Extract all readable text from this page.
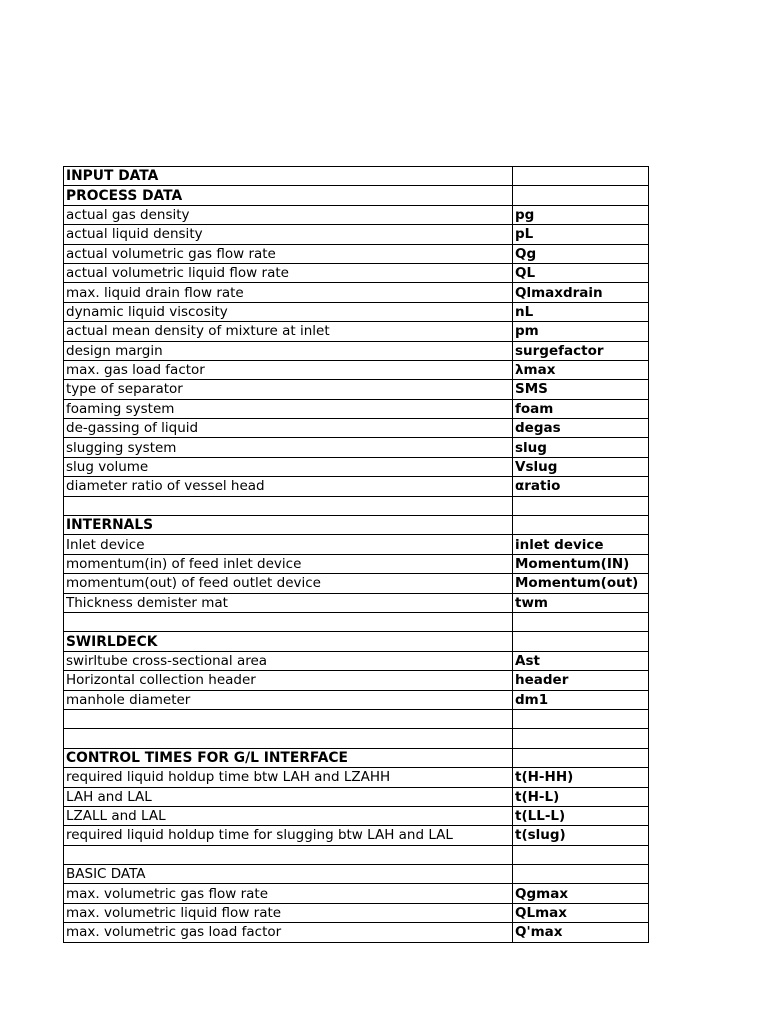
INPUT DATA	
PROCESS DATA	
actual gas density	pg
actual liquid density	pL
actual volumetric gas flow rate	Qg
actual volumetric liquid flow rate	QL
max. liquid drain flow rate	Qlmaxdrain
dynamic liquid viscosity	nL
actual mean density of mixture at inlet	pm
design margin	surgefactor
max. gas load factor	λmax
type of separator	SMS
foaming system	foam
de-gassing of liquid	degas
slugging system	slug
slug volume	Vslug
diameter ratio of vessel head	αratio

INTERNALS	
Inlet device	inlet device
momentum(in) of feed inlet device	Momentum(IN)
momentum(out) of feed outlet device	Momentum(out)
Thickness demister mat	twm

SWIRLDECK	
swirltube cross-sectional area	Ast
Horizontal collection header	header
manhole diameter	dm1

CONTROL TIMES FOR G/L INTERFACE	
required liquid holdup time btw LAH and LZAHH	t(H-HH)
LAH and LAL	t(H-L)
LZALL and LAL	t(LL-L)
required liquid holdup time for slugging btw LAH and LAL	t(slug)

BASIC DATA	
max. volumetric gas flow rate	Qgmax
max. volumetric liquid flow rate	QLmax
max. volumetric gas load factor	Q'max
